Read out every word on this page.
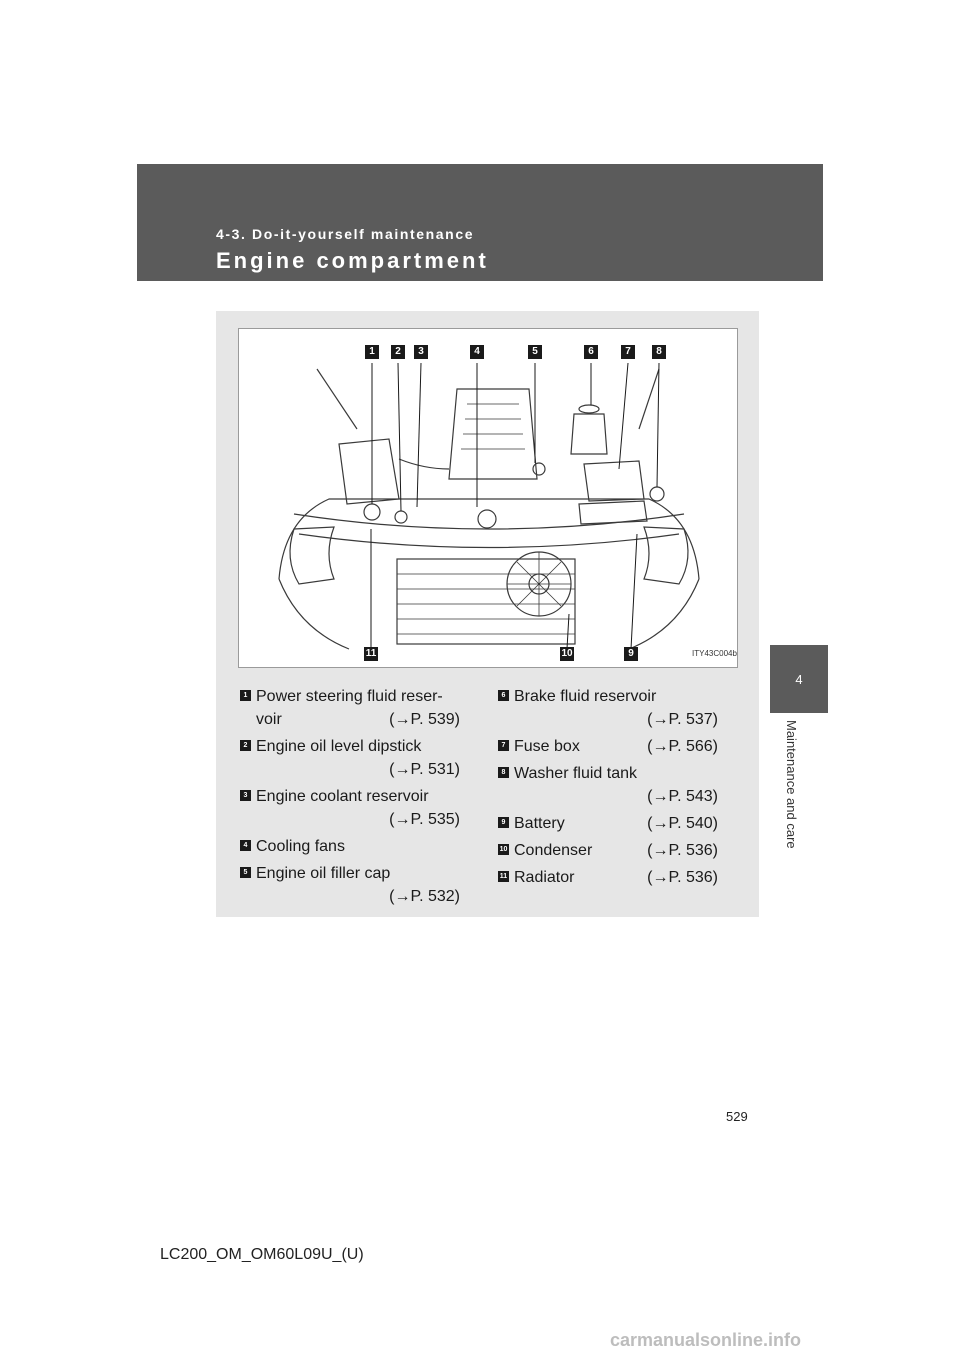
4-3. Do-it-yourself maintenance
Engine compartment
4
Maintenance and care
1	2	3	4	5	6	7	8
9
10
11	ITY43C004b
1 Power steering fluid reser-
voir	(→P. 539)
2 Engine oil level dipstick
(→P. 531)
3 Engine coolant reservoir
(→P. 535)
4 Cooling fans
5 Engine oil filler cap
(→P. 532)
6 Brake fluid reservoir
(→P. 537)
7 Fuse box	(→P. 566)
8 Washer fluid tank
(→P. 543)
9 Battery	(→P. 540)
10 Condenser	(→P. 536)
11 Radiator	(→P. 536)
529
LC200_OM_OM60L09U_(U)
carmanualsonline.info
